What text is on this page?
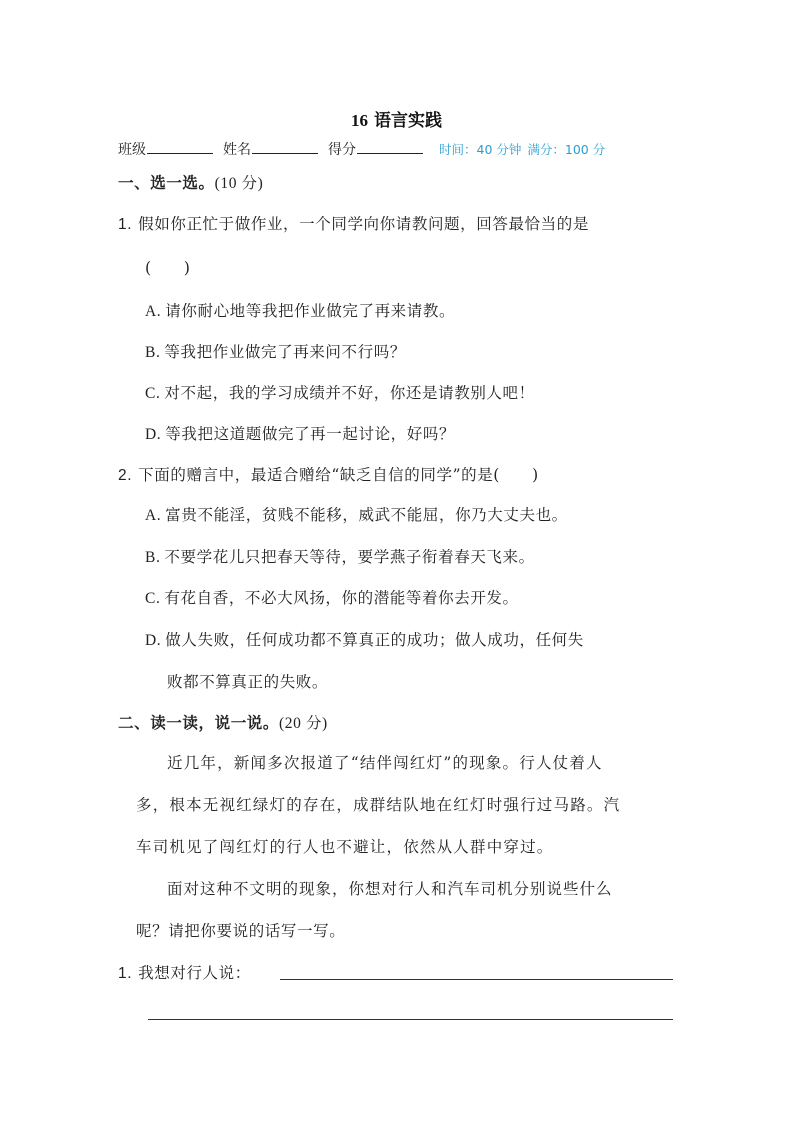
16 语言实践
班级	姓名	得分	时间：40 分钟 满分：100 分
一、选一选。(10 分)
1. 假如你正忙于做作业，一个同学向你请教问题，回答最恰当的是
(　　)
A. 请你耐心地等我把作业做完了再来请教。
B. 等我把作业做完了再来问不行吗？
C. 对不起，我的学习成绩并不好，你还是请教别人吧！
D. 等我把这道题做完了再一起讨论，好吗？
2. 下面的赠言中，最适合赠给“缺乏自信的同学”的是(　　)
A. 富贵不能淫，贫贱不能移，威武不能屈，你乃大丈夫也。
B. 不要学花儿只把春天等待，要学燕子衔着春天飞来。
C. 有花自香，不必大风扬，你的潜能等着你去开发。
D. 做人失败，任何成功都不算真正的成功；做人成功，任何失
败都不算真正的失败。
二、读一读，说一说。(20 分)
近几年，新闻多次报道了“结伴闯红灯”的现象。行人仗着人
多，根本无视红绿灯的存在，成群结队地在红灯时强行过马路。汽
车司机见了闯红灯的行人也不避让，依然从人群中穿过。
面对这种不文明的现象，你想对行人和汽车司机分别说些什么
呢？请把你要说的话写一写。
1. 我想对行人说：
